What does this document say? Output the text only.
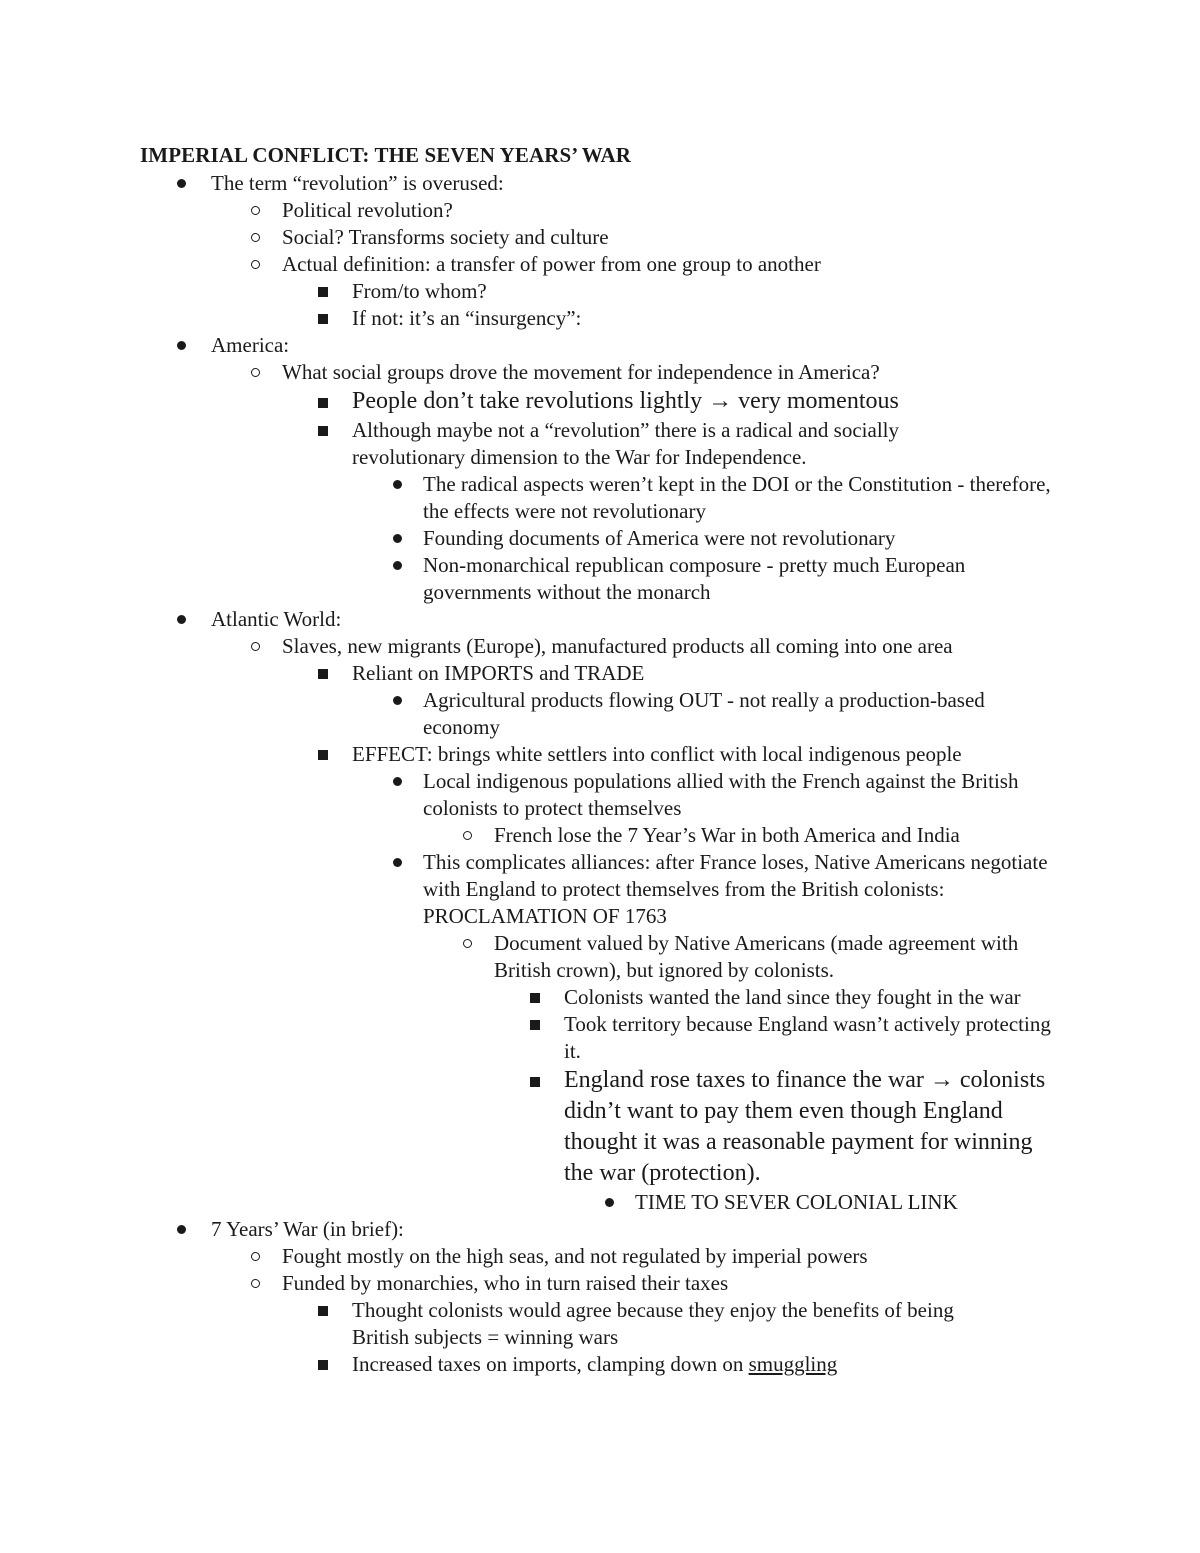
IMPERIAL CONFLICT: THE SEVEN YEARS’ WAR
The term “revolution” is overused:
Political revolution?
Social? Transforms society and culture
Actual definition: a transfer of power from one group to another
From/to whom?
If not: it’s an “insurgency”:
America:
What social groups drove the movement for independence in America?
People don’t take revolutions lightly → very momentous
Although maybe not a “revolution” there is a radical and socially revolutionary dimension to the War for Independence.
The radical aspects weren’t kept in the DOI or the Constitution - therefore, the effects were not revolutionary
Founding documents of America were not revolutionary
Non-monarchical republican composure - pretty much European governments without the monarch
Atlantic World:
Slaves, new migrants (Europe), manufactured products all coming into one area
Reliant on IMPORTS and TRADE
Agricultural products flowing OUT - not really a production-based economy
EFFECT: brings white settlers into conflict with local indigenous people
Local indigenous populations allied with the French against the British colonists to protect themselves
French lose the 7 Year’s War in both America and India
This complicates alliances: after France loses, Native Americans negotiate with England to protect themselves from the British colonists: PROCLAMATION OF 1763
Document valued by Native Americans (made agreement with British crown), but ignored by colonists.
Colonists wanted the land since they fought in the war
Took territory because England wasn’t actively protecting it.
England rose taxes to finance the war → colonists didn’t want to pay them even though England thought it was a reasonable payment for winning the war (protection).
TIME TO SEVER COLONIAL LINK
7 Years’ War (in brief):
Fought mostly on the high seas, and not regulated by imperial powers
Funded by monarchies, who in turn raised their taxes
Thought colonists would agree because they enjoy the benefits of being British subjects = winning wars
Increased taxes on imports, clamping down on smuggling
